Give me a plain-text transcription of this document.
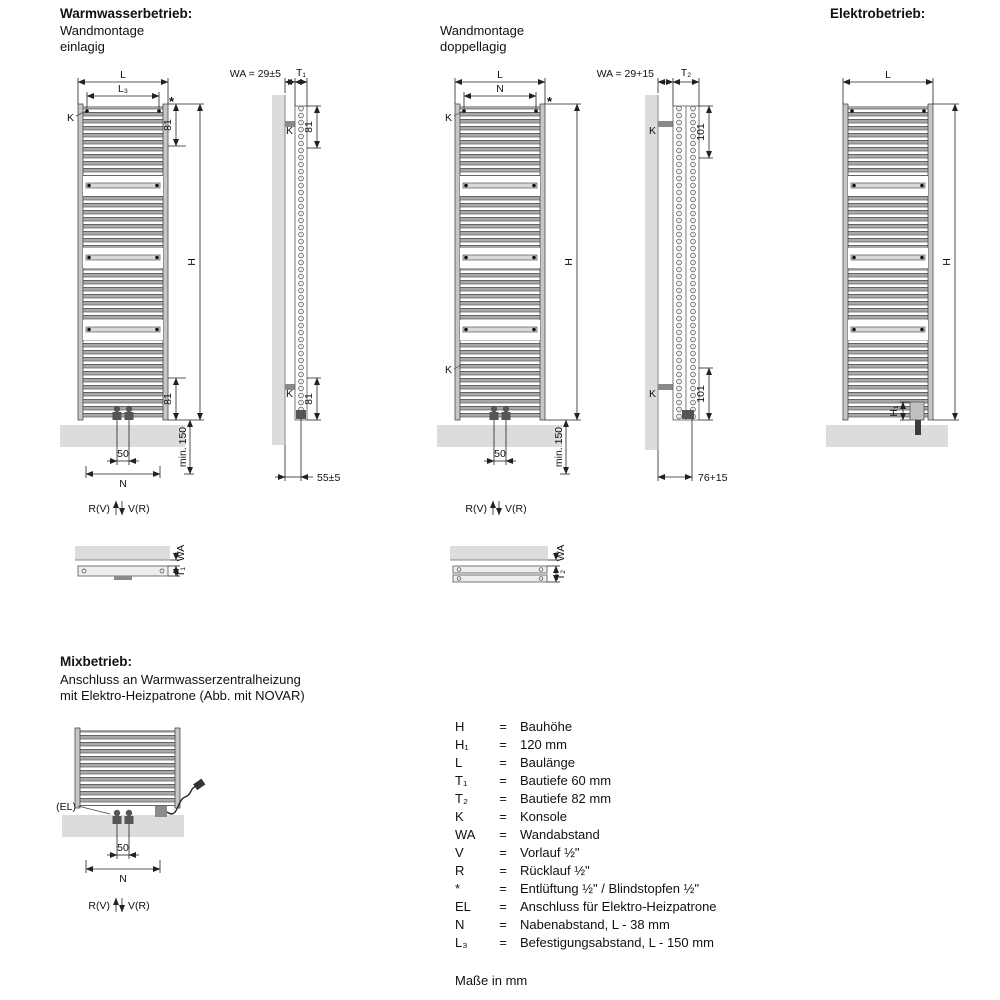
Warmwasserbetrieb:
Wandmontage
einlagig
Wandmontage
doppellagig
Elektrobetrieb:
Mixbetrieb:
Anschluss an Warmwasserzentralheizung
mit Elektro-Heizpatrone (Abb. mit NOVAR)
L
L₃
K
*
81
H
81
50
N
min. 150
R(V) V(R)
WA = 29±5 T₁
81
81
K
K
55±5
WA
T₁
L
N
K
*
H
K
50	min. 150
R(V) V(R)
WA = 29+15	T₂
101
101
K
K
76+15
WA
T₂
L
H
H₁
(EL)
50
N
R(V) V(R)
H	= Bauhöhe
H₁ = 120 mm
L	= Baulänge
T₁ = Bautiefe 60 mm
T₂ = Bautiefe 82 mm
K	= Konsole
WA = Wandabstand
V	= Vorlauf ½"
R	= Rücklauf ½"
*	= Entlüftung ½" / Blindstopfen ½"
EL = Anschluss für Elektro-Heizpatrone
N	= Nabenabstand, L - 38 mm
L₃ = Befestigungsabstand, L - 150 mm
Maße in mm
